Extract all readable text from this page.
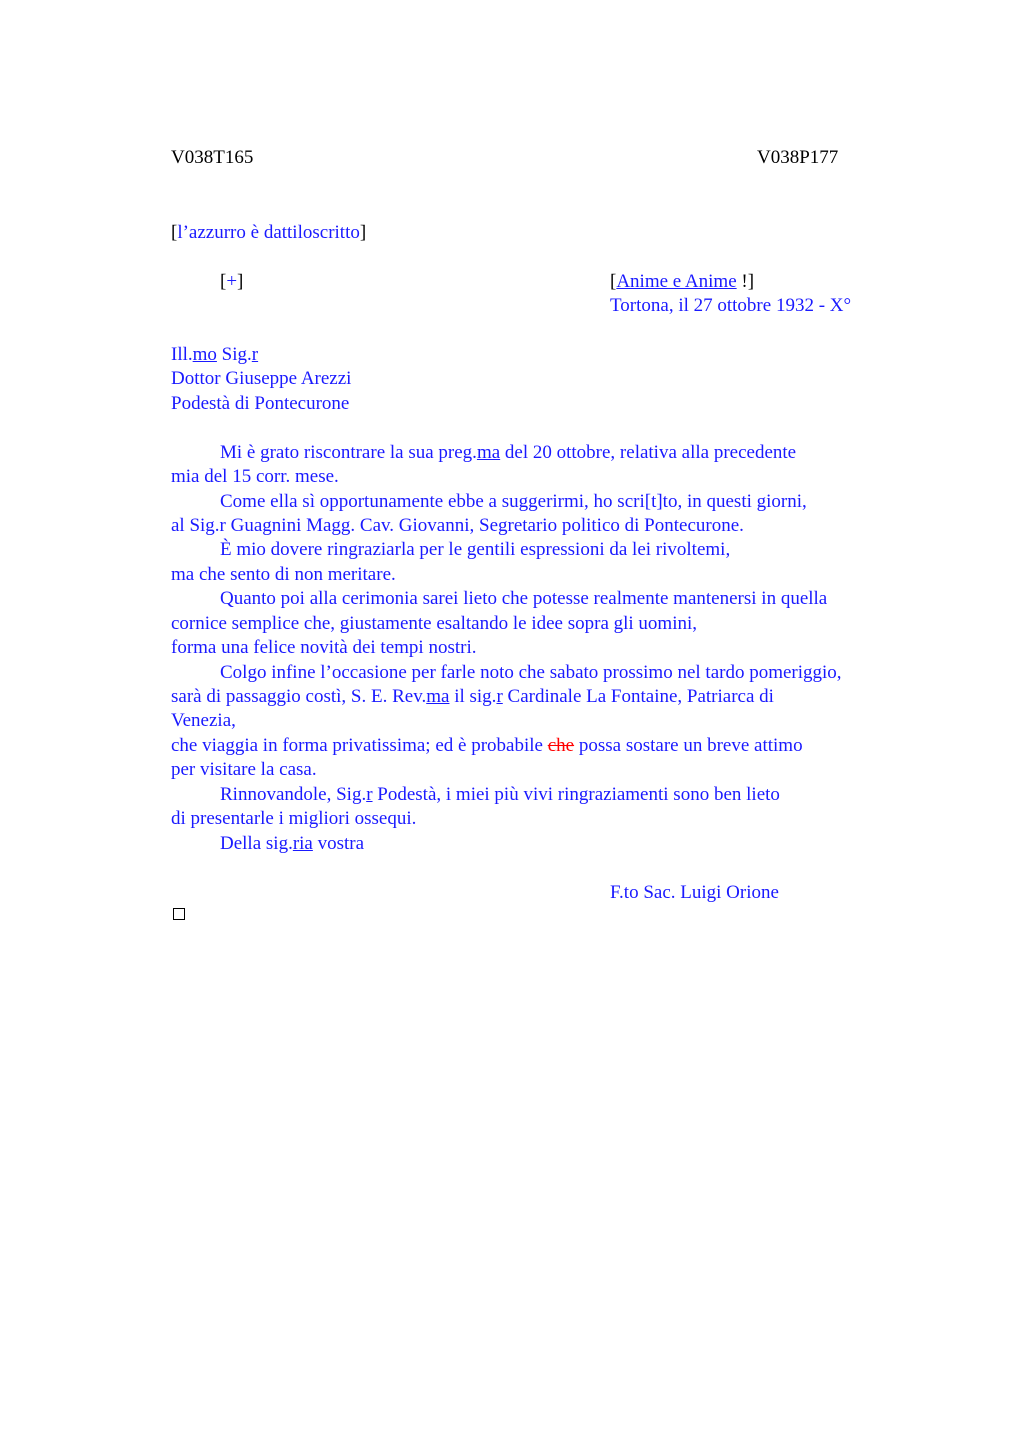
V038T165	V038P177
[l’azzurro è dattiloscritto]
[+]	[Anime e Anime !]
Tortona, il 27 ottobre 1932 - X°
Ill.mo Sig.r
Dottor Giuseppe Arezzi
Podestà di Pontecurone
Mi è grato riscontrare la sua preg.ma del 20 ottobre, relativa alla precedente
mia del 15 corr. mese.
Come ella sì opportunamente ebbe a suggerirmi, ho scri[t]to, in questi giorni,
al Sig.r Guagnini Magg. Cav. Giovanni, Segretario politico di Pontecurone.
È mio dovere ringraziarla per le gentili espressioni da lei rivoltemi,
ma che sento di non meritare.
Quanto poi alla cerimonia sarei lieto che potesse realmente mantenersi in quella
cornice semplice che, giustamente esaltando le idee sopra gli uomini,
forma una felice novità dei tempi nostri.
Colgo infine l’occasione per farle noto che sabato prossimo nel tardo pomeriggio,
sarà di passaggio costì, S. E. Rev.ma il sig.r Cardinale La Fontaine, Patriarca di
Venezia,
che viaggia in forma privatissima; ed è probabile che possa sostare un breve attimo
per visitare la casa.
Rinnovandole, Sig.r Podestà, i miei più vivi ringraziamenti sono ben lieto
di presentarle i migliori ossequi.
Della sig.ria vostra
F.to Sac. Luigi Orione
